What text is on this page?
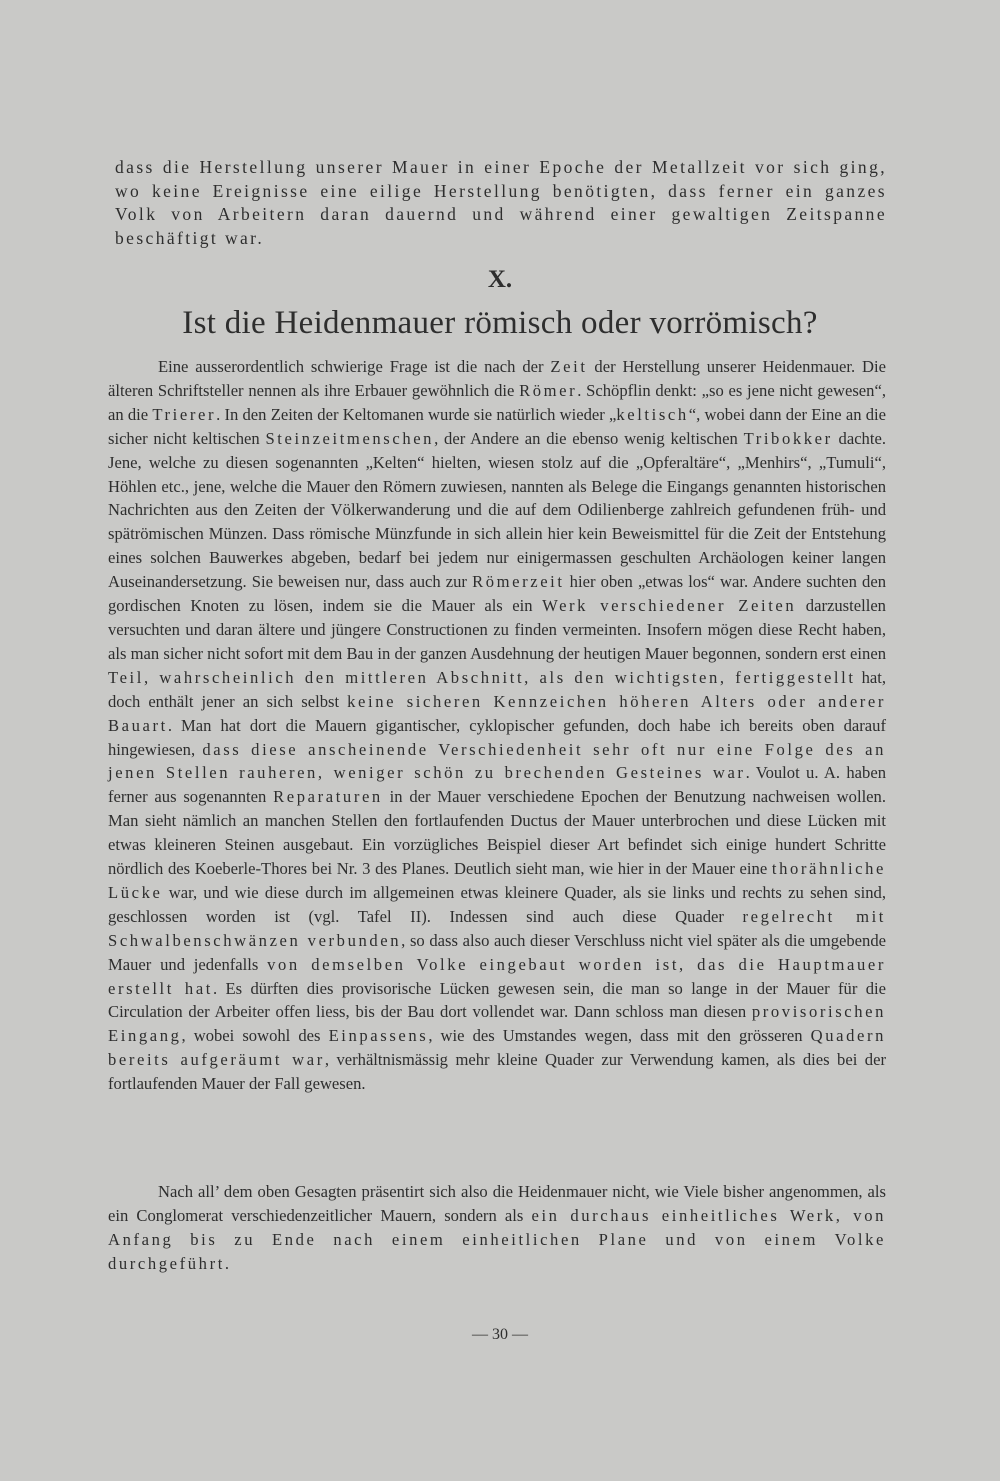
dass die Herstellung unserer Mauer in einer Epoche der Metallzeit vor sich ging, wo keine Ereignisse eine eilige Herstellung benötigten, dass ferner ein ganzes Volk von Arbeitern daran dauernd und während einer gewaltigen Zeitspanne beschäftigt war.

X.
Ist die Heidenmauer römisch oder vorrömisch?

Eine ausserordentlich schwierige Frage ist die nach der Zeit der Herstellung unserer Heidenmauer. Die älteren Schriftsteller nennen als ihre Erbauer gewöhnlich die Römer. Schöpflin denkt: „so es jene nicht gewesen“, an die Trierer. In den Zeiten der Keltomanen wurde sie natürlich wieder „keltisch“, wobei dann der Eine an die sicher nicht keltischen Steinzeitmenschen, der Andere an die ebenso wenig keltischen Tribokker dachte. Jene, welche zu diesen sogenannten „Kelten“ hielten, wiesen stolz auf die „Opferaltäre“, „Menhirs“, „Tumuli“, Höhlen etc., jene, welche die Mauer den Römern zuwiesen, nannten als Belege die Eingangs genannten historischen Nachrichten aus den Zeiten der Völkerwanderung und die auf dem Odilienberge zahlreich gefundenen früh- und spätrömischen Münzen. Dass römische Münzfunde in sich allein hier kein Beweismittel für die Zeit der Entstehung eines solchen Bauwerkes abgeben, bedarf bei jedem nur einigermassen geschulten Archäologen keiner langen Auseinandersetzung. Sie beweisen nur, dass auch zur Römerzeit hier oben „etwas los“ war. Andere suchten den gordischen Knoten zu lösen, indem sie die Mauer als ein Werk verschiedener Zeiten darzustellen versuchten und daran ältere und jüngere Constructionen zu finden vermeinten. Insofern mögen diese Recht haben, als man sicher nicht sofort mit dem Bau in der ganzen Ausdehnung der heutigen Mauer begonnen, sondern erst einen Teil, wahrscheinlich den mittleren Abschnitt, als den wichtigsten, fertiggestellt hat, doch enthält jener an sich selbst keine sicheren Kennzeichen höheren Alters oder anderer Bauart. Man hat dort die Mauern gigantischer, cyklopischer gefunden, doch habe ich bereits oben darauf hingewiesen, dass diese anscheinende Verschiedenheit sehr oft nur eine Folge des an jenen Stellen rauheren, weniger schön zu brechenden Gesteines war. Voulot u. A. haben ferner aus sogenannten Reparaturen in der Mauer verschiedene Epochen der Benutzung nachweisen wollen. Man sieht nämlich an manchen Stellen den fortlaufenden Ductus der Mauer unterbrochen und diese Lücken mit etwas kleineren Steinen ausgebaut. Ein vorzügliches Beispiel dieser Art befindet sich einige hundert Schritte nördlich des Koeberle-Thores bei Nr. 3 des Planes. Deutlich sieht man, wie hier in der Mauer eine thorähnliche Lücke war, und wie diese durch im allgemeinen etwas kleinere Quader, als sie links und rechts zu sehen sind, geschlossen worden ist (vgl. Tafel II). Indessen sind auch diese Quader regelrecht mit Schwalbenschwänzen verbunden, so dass also auch dieser Verschluss nicht viel später als die umgebende Mauer und jedenfalls von demselben Volke eingebaut worden ist, das die Hauptmauer erstellt hat. Es dürften dies provisorische Lücken gewesen sein, die man so lange in der Mauer für die Circulation der Arbeiter offen liess, bis der Bau dort vollendet war. Dann schloss man diesen provisorischen Eingang, wobei sowohl des Einpassens, wie des Umstandes wegen, dass mit den grösseren Quadern bereits aufgeräumt war, verhältnismässig mehr kleine Quader zur Verwendung kamen, als dies bei der fortlaufenden Mauer der Fall gewesen.

Nach all’ dem oben Gesagten präsentirt sich also die Heidenmauer nicht, wie Viele bisher angenommen, als ein Conglomerat verschiedenzeitlicher Mauern, sondern als ein durchaus einheitliches Werk, von Anfang bis zu Ende nach einem einheitlichen Plane und von einem Volke durchgeführt.

— 30 —
